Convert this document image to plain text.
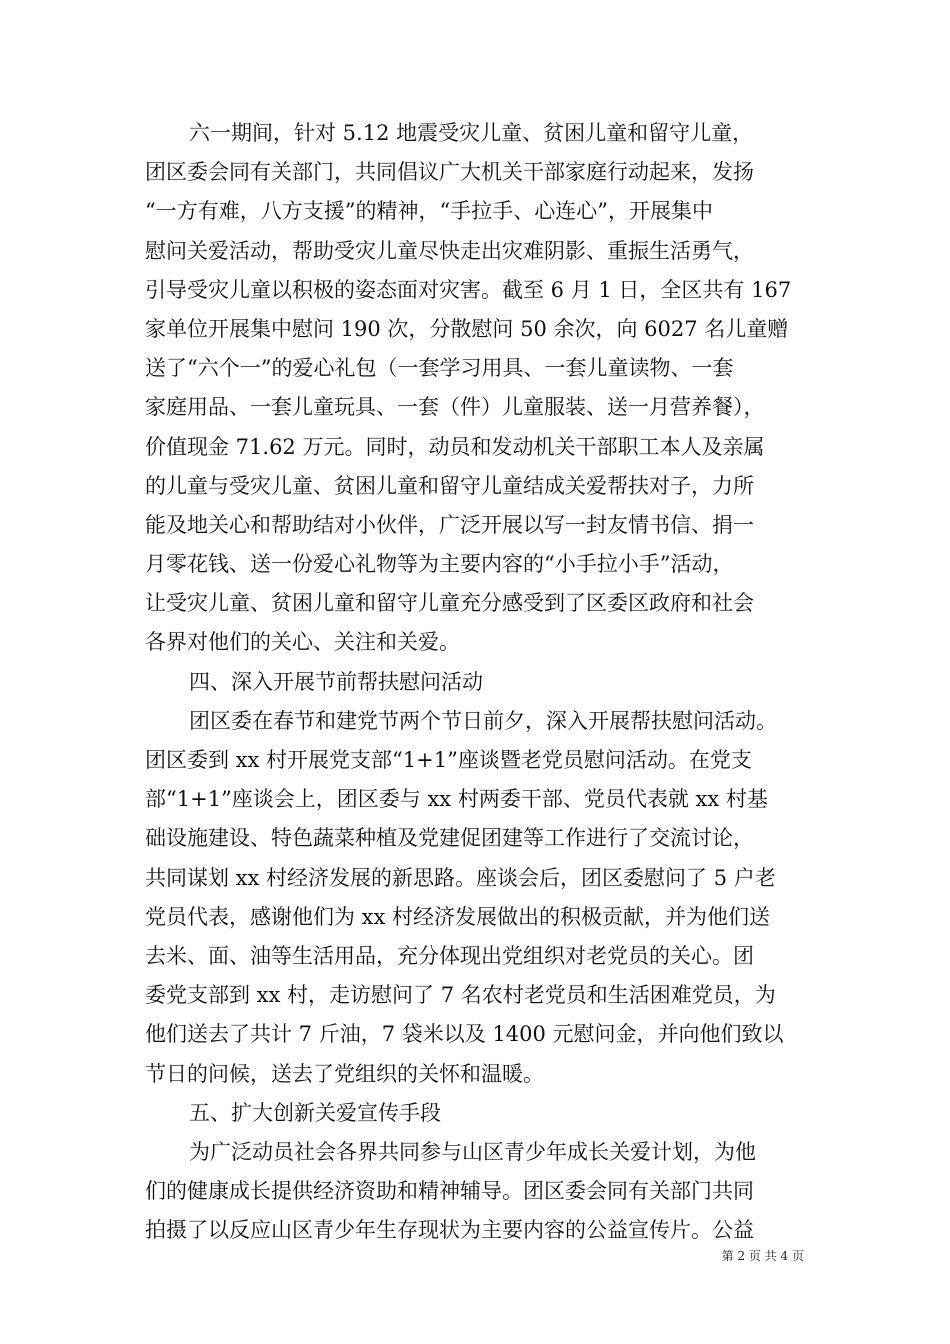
六一期间，针对 5.12 地震受灾儿童、贫困儿童和留守儿童，
团区委会同有关部门，共同倡议广大机关干部家庭行动起来，发扬
“一方有难，八方支援”的精神，“手拉手、心连心”，开展集中
慰问关爱活动，帮助受灾儿童尽快走出灾难阴影、重振生活勇气，
引导受灾儿童以积极的姿态面对灾害。截至 6 月 1 日，全区共有 167
家单位开展集中慰问 190 次，分散慰问 50 余次，向 6027 名儿童赠
送了“六个一”的爱心礼包（一套学习用具、一套儿童读物、一套
家庭用品、一套儿童玩具、一套（件）儿童服装、送一月营养餐），
价值现金 71.62 万元。同时，动员和发动机关干部职工本人及亲属
的儿童与受灾儿童、贫困儿童和留守儿童结成关爱帮扶对子，力所
能及地关心和帮助结对小伙伴，广泛开展以写一封友情书信、捐一
月零花钱、送一份爱心礼物等为主要内容的“小手拉小手”活动，
让受灾儿童、贫困儿童和留守儿童充分感受到了区委区政府和社会
各界对他们的关心、关注和关爱。
四、深入开展节前帮扶慰问活动
团区委在春节和建党节两个节日前夕，深入开展帮扶慰问活动。
团区委到 xx 村开展党支部“1+1”座谈暨老党员慰问活动。在党支
部“1+1”座谈会上，团区委与 xx 村两委干部、党员代表就 xx 村基
础设施建设、特色蔬菜种植及党建促团建等工作进行了交流讨论，
共同谋划 xx 村经济发展的新思路。座谈会后，团区委慰问了 5 户老
党员代表，感谢他们为 xx 村经济发展做出的积极贡献，并为他们送
去米、面、油等生活用品，充分体现出党组织对老党员的关心。团
委党支部到 xx 村，走访慰问了 7 名农村老党员和生活困难党员，为
他们送去了共计 7 斤油，7 袋米以及 1400 元慰问金，并向他们致以
节日的问候，送去了党组织的关怀和温暖。
五、扩大创新关爱宣传手段
为广泛动员社会各界共同参与山区青少年成长关爱计划，为他
们的健康成长提供经济资助和精神辅导。团区委会同有关部门共同
拍摄了以反应山区青少年生存现状为主要内容的公益宣传片。公益
第 2 页 共 4 页
